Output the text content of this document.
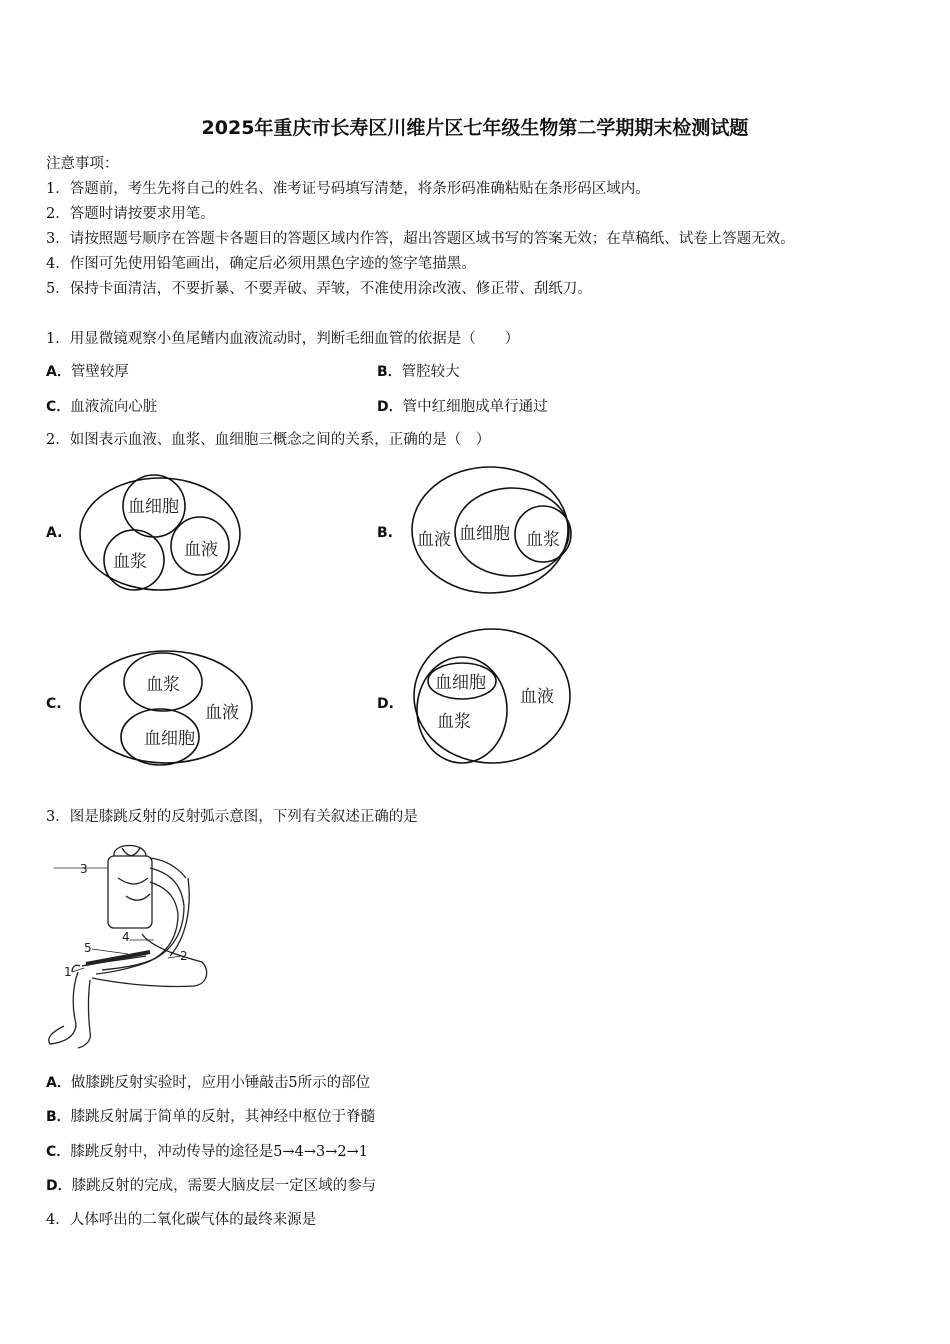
2025年重庆市长寿区川维片区七年级生物第二学期期末检测试题
注意事项：
1．答题前，考生先将自己的姓名、准考证号码填写清楚，将条形码准确粘贴在条形码区域内。
2．答题时请按要求用笔。
3．请按照题号顺序在答题卡各题目的答题区域内作答，超出答题区域书写的答案无效；在草稿纸、试卷上答题无效。
4．作图可先使用铅笔画出，确定后必须用黑色字迹的签字笔描黑。
5．保持卡面清洁，不要折暴、不要弄破、弄皱，不准使用涂改液、修正带、刮纸刀。
1．用显微镜观察小鱼尾鳍内血液流动时，判断毛细血管的依据是（　　）
A．管壁较厚	B．管腔较大
C．血液流向心脏	D．管中红细胞成单行通过
2．如图表示血液、血浆、血细胞三概念之间的关系，正确的是（　）
A.
血细胞
血浆
血液
B. 血液 血细胞 血浆
C.
血浆
血液
血细胞
D.
血细胞
血液
血浆
3．图是膝跳反射的反射弧示意图，下列有关叙述正确的是
3
4
5
2
1
A．做膝跳反射实验时，应用小锤敲击5所示的部位
B．膝跳反射属于简单的反射，其神经中枢位于脊髓
C．膝跳反射中，冲动传导的途径是5→4→3→2→1
D．膝跳反射的完成，需要大脑皮层一定区域的参与
4．人体呼出的二氧化碳气体的最终来源是
